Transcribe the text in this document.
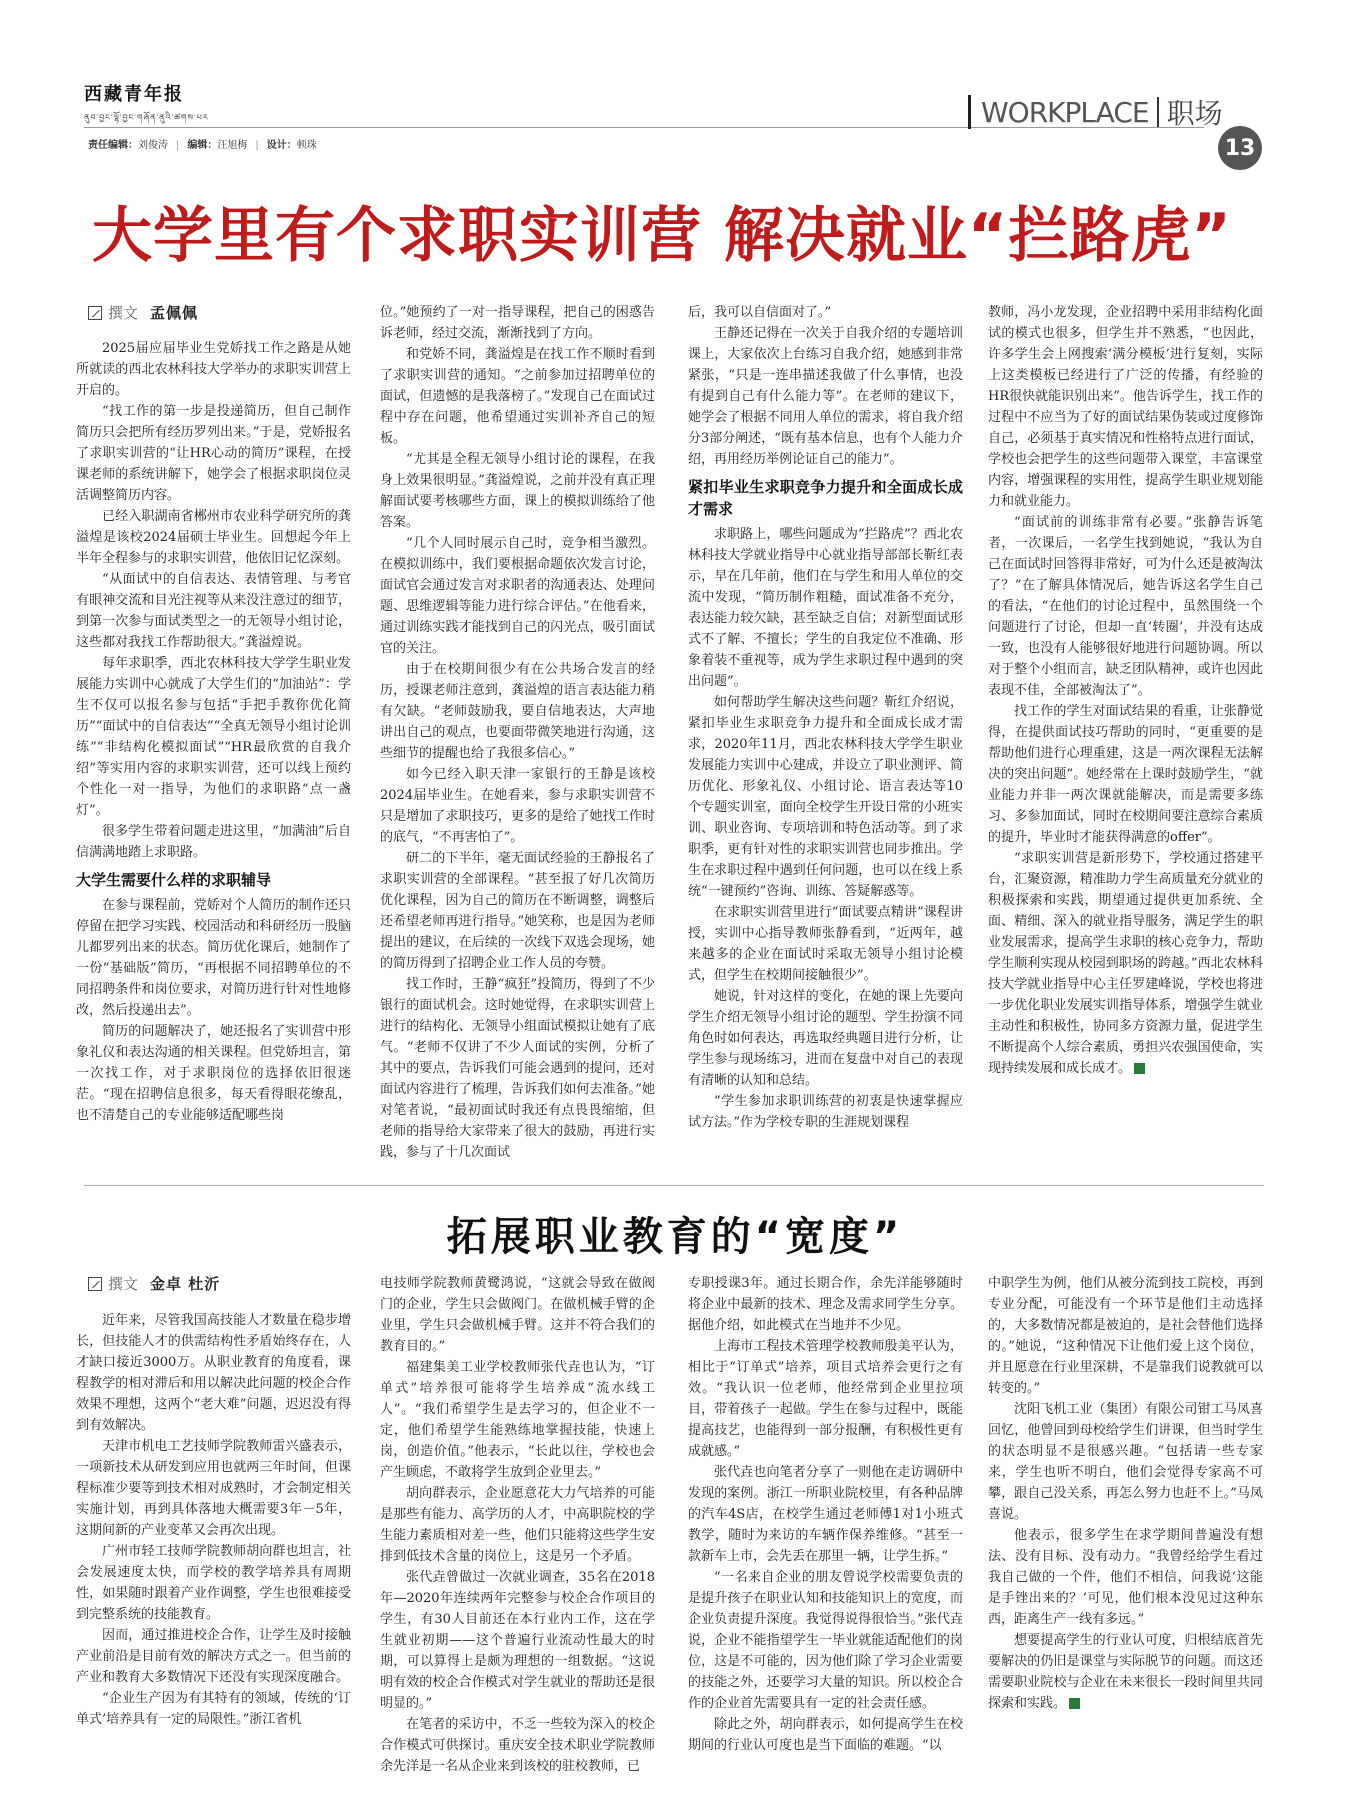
西藏青年报
ནུབ་བྱང་ལྷོ་བྱང་གཞོན་ནུའི་ཚགས་པར
责任编辑：刘俊涛 | 编辑：汪旭梅 | 设计：顿珠
WORKPLACE 职场
13
大学里有个求职实训营 解决就业“拦路虎”
撰文 孟佩佩

2025届应届毕业生党娇找工作之路是从她所就读的西北农林科技大学举办的求职实训营上开启的。

“找工作的第一步是投递简历，但自己制作简历只会把所有经历罗列出来。”于是，党娇报名了求职实训营的“让HR心动的简历”课程，在授课老师的系统讲解下，她学会了根据求职岗位灵活调整简历内容。

已经入职湖南省郴州市农业科学研究所的龚溢煌是该校2024届硕士毕业生。回想起今年上半年全程参与的求职实训营，他依旧记忆深刻。

“从面试中的自信表达、表情管理、与考官有眼神交流和目光注视等从来没注意过的细节，到第一次参与面试类型之一的无领导小组讨论，这些都对我找工作帮助很大。”龚溢煌说。

每年求职季，西北农林科技大学学生职业发展能力实训中心就成了大学生们的“加油站”：学生不仅可以报名参与包括“手把手教你优化简历”“面试中的自信表达”“全真无领导小组讨论训练”“非结构化模拟面试”“HR最欣赏的自我介绍”等实用内容的求职实训营，还可以线上预约个性化一对一指导，为他们的求职路“点一盏灯”。

很多学生带着问题走进这里，“加满油”后自信满满地踏上求职路。

大学生需要什么样的求职辅导

在参与课程前，党娇对个人简历的制作还只停留在把学习实践、校园活动和科研经历一股脑儿都罗列出来的状态。简历优化课后，她制作了一份“基础版”简历，“再根据不同招聘单位的不同招聘条件和岗位要求，对简历进行针对性地修改，然后投递出去”。

简历的问题解决了，她还报名了实训营中形象礼仪和表达沟通的相关课程。但党娇坦言，第一次找工作，对于求职岗位的选择依旧很迷茫。“现在招聘信息很多，每天看得眼花缭乱，也不清楚自己的专业能够适配哪些岗

位。”她预约了一对一指导课程，把自己的困惑告诉老师，经过交流，渐渐找到了方向。

和党娇不同，龚溢煌是在找工作不顺时看到了求职实训营的通知。“之前参加过招聘单位的面试，但遗憾的是我落榜了。”发现自己在面试过程中存在问题，他希望通过实训补齐自己的短板。

“尤其是全程无领导小组讨论的课程，在我身上效果很明显。”龚溢煌说，之前并没有真正理解面试要考核哪些方面，课上的模拟训练给了他答案。

“几个人同时展示自己时，竞争相当激烈。在模拟训练中，我们要根据命题依次发言讨论，面试官会通过发言对求职者的沟通表达、处理问题、思维逻辑等能力进行综合评估。”在他看来，通过训练实践才能找到自己的闪光点，吸引面试官的关注。

由于在校期间很少有在公共场合发言的经历，授课老师注意到，龚溢煌的语言表达能力稍有欠缺。“老师鼓励我，要自信地表达，大声地讲出自己的观点，也要面带微笑地进行沟通，这些细节的提醒也给了我很多信心。”

如今已经入职天津一家银行的王静是该校2024届毕业生。在她看来，参与求职实训营不只是增加了求职技巧，更多的是给了她找工作时的底气，“不再害怕了”。

研二的下半年，毫无面试经验的王静报名了求职实训营的全部课程。“甚至报了好几次简历优化课程，因为自己的简历在不断调整，调整后还希望老师再进行指导。”她笑称，也是因为老师提出的建议，在后续的一次线下双选会现场，她的简历得到了招聘企业工作人员的夸赞。

找工作时，王静“疯狂”投简历，得到了不少银行的面试机会。这时她觉得，在求职实训营上进行的结构化、无领导小组面试模拟让她有了底气。“老师不仅讲了不少人面试的实例，分析了其中的要点，告诉我们可能会遇到的提问，还对面试内容进行了梳理，告诉我们如何去准备。”她对笔者说，“最初面试时我还有点畏畏缩缩，但老师的指导给大家带来了很大的鼓励，再进行实践，参与了十几次面试

后，我可以自信面对了。”

王静还记得在一次关于自我介绍的专题培训课上，大家依次上台练习自我介绍，她感到非常紧张，“只是一连串描述我做了什么事情，也没有提到自己有什么能力等”。在老师的建议下，她学会了根据不同用人单位的需求，将自我介绍分3部分阐述，“既有基本信息，也有个人能力介绍，再用经历举例论证自己的能力”。

紧扣毕业生求职竞争力提升和全面成长成才需求

求职路上，哪些问题成为“拦路虎”？西北农林科技大学就业指导中心就业指导部部长靳红表示，早在几年前，他们在与学生和用人单位的交流中发现，“简历制作粗糙，面试准备不充分，表达能力较欠缺，甚至缺乏自信；对新型面试形式不了解、不擅长；学生的自我定位不准确、形象着装不重视等，成为学生求职过程中遇到的突出问题”。

如何帮助学生解决这些问题？靳红介绍说，紧扣毕业生求职竞争力提升和全面成长成才需求，2020年11月，西北农林科技大学学生职业发展能力实训中心建成，并设立了职业测评、简历优化、形象礼仪、小组讨论、语言表达等10个专题实训室，面向全校学生开设日常的小班实训、职业咨询、专项培训和特色活动等。到了求职季，更有针对性的求职实训营也同步推出。学生在求职过程中遇到任何问题，也可以在线上系统“一键预约”咨询、训练、答疑解惑等。

在求职实训营里进行“面试要点精讲”课程讲授，实训中心指导教师张静看到，“近两年，越来越多的企业在面试时采取无领导小组讨论模式，但学生在校期间接触很少”。

她说，针对这样的变化，在她的课上先要向学生介绍无领导小组讨论的题型、学生扮演不同角色时如何表达，再选取经典题目进行分析，让学生参与现场练习，进而在复盘中对自己的表现有清晰的认知和总结。

“学生参加求职训练营的初衷是快速掌握应试方法。”作为学校专职的生涯规划课程

教师，冯小龙发现，企业招聘中采用非结构化面试的模式也很多，但学生并不熟悉，“也因此，许多学生会上网搜索‘满分模板’进行复刻，实际上这类模板已经进行了广泛的传播，有经验的HR很快就能识别出来”。他告诉学生，找工作的过程中不应当为了好的面试结果伪装或过度修饰自己，必须基于真实情况和性格特点进行面试，学校也会把学生的这些问题带入课堂，丰富课堂内容，增强课程的实用性，提高学生职业规划能力和就业能力。

“面试前的训练非常有必要。”张静告诉笔者，一次课后，一名学生找到她说，“我认为自己在面试时回答得非常好，可为什么还是被淘汰了？”在了解具体情况后，她告诉这名学生自己的看法，“在他们的讨论过程中，虽然围绕一个问题进行了讨论，但却一直‘转圈’，并没有达成一致，也没有人能够很好地进行问题协调。所以对于整个小组而言，缺乏团队精神，或许也因此表现不佳，全部被淘汰了”。

找工作的学生对面试结果的看重，让张静觉得，在提供面试技巧帮助的同时，“更重要的是帮助他们进行心理重建，这是一两次课程无法解决的突出问题”。她经常在上课时鼓励学生，“就业能力并非一两次课就能解决，而是需要多练习、多参加面试，同时在校期间要注意综合素质的提升，毕业时才能获得满意的offer”。

“求职实训营是新形势下，学校通过搭建平台，汇聚资源，精准助力学生高质量充分就业的积极探索和实践，期望通过提供更加系统、全面、精细、深入的就业指导服务，满足学生的职业发展需求，提高学生求职的核心竞争力，帮助学生顺利实现从校园到职场的跨越。”西北农林科技大学就业指导中心主任罗建峰说，学校也将进一步优化职业发展实训指导体系，增强学生就业主动性和积极性，协同多方资源力量，促进学生不断提高个人综合素质，勇担兴农强国使命，实现持续发展和成长成才。

拓展职业教育的“宽度”
撰文 金卓 杜沂

近年来，尽管我国高技能人才数量在稳步增长，但技能人才的供需结构性矛盾始终存在，人才缺口接近3000万。从职业教育的角度看，课程教学的相对滞后和用以解决此问题的校企合作效果不理想，这两个“老大难”问题，迟迟没有得到有效解决。

天津市机电工艺技师学院教师雷兴盛表示，一项新技术从研发到应用也就两三年时间，但课程标准少要等到技术相对成熟时，才会制定相关实施计划，再到具体落地大概需要3年－5年，这期间新的产业变革又会再次出现。

广州市轻工技师学院教师胡向群也坦言，社会发展速度太快，而学校的教学培养具有周期性，如果随时跟着产业作调整，学生也很难接受到完整系统的技能教育。

因而，通过推进校企合作，让学生及时接触产业前沿是目前有效的解决方式之一。但当前的产业和教育大多数情况下还没有实现深度融合。

“企业生产因为有其特有的领域，传统的‘订单式’培养具有一定的局限性。”浙江省机

电技师学院教师黄鹭鸿说，“这就会导致在做阀门的企业，学生只会做阀门。在做机械手臂的企业里，学生只会做机械手臂。这并不符合我们的教育目的。”

福建集美工业学校教师张代垚也认为，“订单式”培养很可能将学生培养成“流水线工人”。“我们希望学生是去学习的，但企业不一定，他们希望学生能熟练地掌握技能，快速上岗，创造价值。”他表示，“长此以往，学校也会产生顾虑，不敢将学生放到企业里去。”

胡向群表示，企业愿意花大力气培养的可能是那些有能力、高学历的人才，中高职院校的学生能力素质相对差一些，他们只能将这些学生安排到低技术含量的岗位上，这是另一个矛盾。

张代垚曾做过一次就业调查，35名在2018年—2020年连续两年完整参与校企合作项目的学生，有30人目前还在本行业内工作，这在学生就业初期——这个普遍行业流动性最大的时期，可以算得上是颇为理想的一组数据。“这说明有效的校企合作模式对学生就业的帮助还是很明显的。”

在笔者的采访中，不乏一些较为深入的校企合作模式可供探讨。重庆安全技术职业学院教师余先洋是一名从企业来到该校的驻校教师，已

专职授课3年。通过长期合作，余先洋能够随时将企业中最新的技术、理念及需求同学生分享。据他介绍，如此模式在当地并不少见。

上海市工程技术管理学校教师殷美平认为，相比于“订单式”培养，项目式培养会更行之有效。“我认识一位老师，他经常到企业里拉项目，带着孩子一起做。学生在参与过程中，既能提高技艺，也能得到一部分报酬，有积极性更有成就感。”

张代垚也向笔者分享了一则他在走访调研中发现的案例。浙江一所职业院校里，有各种品牌的汽车4S店，在校学生通过老师傅1对1小班式教学，随时为来访的车辆作保养维修。“甚至一款新车上市，会先丢在那里一辆，让学生拆。”

“一名来自企业的朋友曾说学校需要负责的是提升孩子在职业认知和技能知识上的宽度，而企业负责提升深度。我觉得说得很恰当。”张代垚说，企业不能指望学生一毕业就能适配他们的岗位，这是不可能的，因为他们除了学习企业需要的技能之外，还要学习大量的知识。所以校企合作的企业首先需要具有一定的社会责任感。

除此之外，胡向群表示，如何提高学生在校期间的行业认可度也是当下面临的难题。“以

中职学生为例，他们从被分流到技工院校，再到专业分配，可能没有一个环节是他们主动选择的，大多数情况都是被迫的，是社会替他们选择的。”她说，“这种情况下让他们爱上这个岗位，并且愿意在行业里深耕，不是靠我们说教就可以转变的。”

沈阳飞机工业（集团）有限公司钳工马凤喜回忆，他曾回到母校给学生们讲课，但当时学生的状态明显不是很感兴趣。“包括请一些专家来，学生也听不明白，他们会觉得专家高不可攀，跟自己没关系，再怎么努力也赶不上。”马凤喜说。

他表示，很多学生在求学期间普遍没有想法、没有目标、没有动力。“我曾经给学生看过我自己做的一个件，他们不相信，问我说‘这能是手锉出来的？’可见，他们根本没见过这种东西，距离生产一线有多远。”

想要提高学生的行业认可度，归根结底首先要解决的仍旧是课堂与实际脱节的问题。而这还需要职业院校与企业在未来很长一段时间里共同探索和实践。
